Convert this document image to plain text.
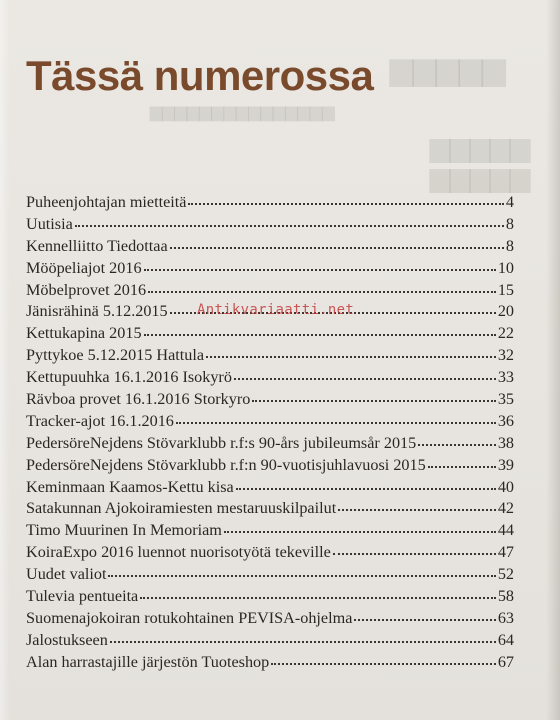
▆▆▆▆▆
▆▆▆▆▆▆▆▆▆▆▆▆▆▆▆
▆▆▆▆▆
▆▆▆▆▆
Tässä numerossa
Puheenjohtajan mietteitä	4
Uutisia	8
Kennelliitto Tiedottaa	8
Mööpeliajot 2016	10
Möbelprovet 2016	15
Jänisrähinä 5.12.2015	20
Kettukapina 2015	22
Pyttykoe 5.12.2015 Hattula	32
Kettupuuhka 16.1.2016 Isokyrö	33
Rävboa provet 16.1.2016 Storkyro	35
Tracker-ajot 16.1.2016	36
PedersöreNejdens Stövarklubb r.f:s 90-års jubileumsår 2015	38
PedersöreNejdens Stövarklubb r.f:n 90-vuotisjuhlavuosi 2015	39
Keminmaan Kaamos-Kettu kisa	40
Satakunnan Ajokoiramiesten mestaruuskilpailut	42
Timo Muurinen In Memoriam	44
KoiraExpo 2016 luennot nuorisotyötä tekeville	47
Uudet valiot	52
Tulevia pentueita	58
Suomenajokoiran rotukohtainen PEVISA-ohjelma	63
Jalostukseen	64
Alan harrastajille järjestön Tuoteshop	67
Antikvariaatti.net
